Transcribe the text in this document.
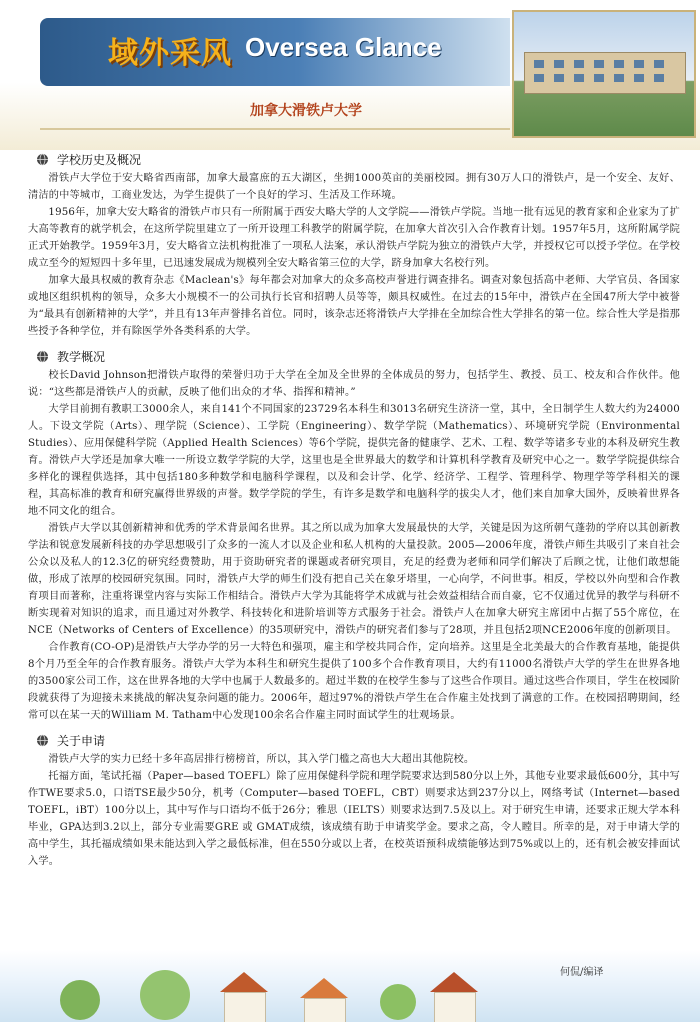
域外采风 Oversea Glance
加拿大滑铁卢大学
学校历史及概况

滑铁卢大学位于安大略省西南部，加拿大最富庶的五大湖区，坐拥1000英亩的美丽校园。拥有30万人口的滑铁卢，是一个安全、友好、清洁的中等城市，工商业发达，为学生提供了一个良好的学习、生活及工作环境。

1956年，加拿大安大略省的滑铁卢市只有一所附属于西安大略大学的人文学院——滑铁卢学院。当地一批有远见的教育家和企业家为了扩大高等教育的就学机会，在这所学院里建立了一所开设理工科教学的附属学院，在加拿大首次引入合作教育计划。1957年5月，这所附属学院正式开始教学。1959年3月，安大略省立法机构批准了一项私人法案，承认滑铁卢学院为独立的滑铁卢大学，并授权它可以授予学位。在学校成立至今的短短四十多年里，已迅速发展成为规模列全安大略省第三位的大学，跻身加拿大名校行列。

加拿大最具权威的教育杂志《Maclean's》每年都会对加拿大的众多高校声誉进行调查排名。调查对象包括高中老师、大学官员、各国家或地区组织机构的领导，众多大小规模不一的公司执行长官和招聘人员等等，颇具权威性。在过去的15年中，滑铁卢在全国47所大学中被誉为“最具有创新精神的大学”，并且有13年声誉排名首位。同时，该杂志还将滑铁卢大学排在全加综合性大学排名的第一位。综合性大学是指那些授予各种学位，并有除医学外各类科系的大学。

教学概况

校长David Johnson把滑铁卢取得的荣誉归功于大学在全加及全世界的全体成员的努力，包括学生、教授、员工、校友和合作伙伴。他说：“这些都是滑铁卢人的贡献，反映了他们出众的才华、指挥和精神。”

大学目前拥有教职工3000余人，来自141个不同国家的23729名本科生和3013名研究生济济一堂，其中，全日制学生人数大约为24000人。下设文学院（Arts）、理学院（Science）、工学院（Engineering）、数学学院（Mathematics）、环境研究学院（Environmental Studies）、应用保健科学院（Applied Health Sciences）等6个学院，提供完备的健康学、艺术、工程、数学等诸多专业的本科及研究生教育。滑铁卢大学还是加拿大唯一一所设立数学学院的大学，这里也是全世界最大的数学和计算机科学教育及研究中心之一。数学学院提供综合多样化的课程供选择，其中包括180多种数学和电脑科学课程，以及和会计学、化学、经济学、工程学、管理科学、物理学等学科相关的课程，其高标准的教育和研究赢得世界级的声誉。数学学院的学生，有许多是数学和电脑科学的拔尖人才，他们来自加拿大国外，反映着世界各地不同文化的组合。

滑铁卢大学以其创新精神和优秀的学术背景闻名世界。其之所以成为加拿大发展最快的大学，关键是因为这所朝气蓬勃的学府以其创新教学法和锐意发展新科技的办学思想吸引了众多的一流人才以及企业和私人机构的大量投款。2005—2006年度，滑铁卢师生共吸引了来自社会公众以及私人的12.3亿的研究经费赞助，用于资助研究者的课题或者研究项目，充足的经费为老师和同学们解决了后顾之忧，让他们敢想能做，形成了浓厚的校园研究氛围。同时，滑铁卢大学的师生们没有把自己关在象牙塔里，一心向学，不问世事。相反，学校以外向型和合作教育项目而著称，注重将课堂内容与实际工作相结合。滑铁卢大学为其能将学术成就与社会效益相结合而自豪，它不仅通过优异的教学与科研不断实现着对知识的追求，而且通过对外教学、科技转化和进阶培训等方式服务于社会。滑铁卢人在加拿大研究主席团中占据了55个席位，在NCE（Networks of Centers of Excellence）的35项研究中，滑铁卢的研究者们参与了28项，并且包括2项NCE2006年度的创新项目。

合作教育(CO-OP)是滑铁卢大学办学的另一大特色和强项，雇主和学校共同合作，定向培养。这里是全北美最大的合作教育基地，能提供8个月乃至全年的合作教育服务。滑铁卢大学为本科生和研究生提供了100多个合作教育项目，大约有11000名滑铁卢大学的学生在世界各地的3500家公司工作，这在世界各地的大学中也属于人数最多的。超过半数的在校学生参与了这些合作项目。通过这些合作项目，学生在校园阶段就获得了为迎接未来挑战的解决复杂问题的能力。2006年，超过97%的滑铁卢学生在合作雇主处找到了满意的工作。在校园招聘期间，经常可以在某一天的William M. Tatham中心发现100余名合作雇主同时面试学生的壮观场景。

关于申请

滑铁卢大学的实力已经十多年高居排行榜榜首，所以，其入学门槛之高也大大超出其他院校。

托福方面，笔试托福（Paper—based TOEFL）除了应用保健科学院和理学院要求达到580分以上外，其他专业要求最低600分，其中写作TWE要求5.0，口语TSE最少50分，机考（Computer—based TOEFL，CBT）则要求达到237分以上，网络考试（Internet—based TOEFL，iBT）100分以上，其中写作与口语均不低于26分；雅思（IELTS）则要求达到7.5及以上。对于研究生申请，还要求正规大学本科毕业，GPA达到3.2以上，部分专业需要GRE 或 GMAT成绩，该成绩有助于申请奖学金。要求之高，令人瞠目。所幸的是，对于申请大学的高中学生，其托福成绩如果未能达到入学之最低标准，但在550分或以上者，在校英语预科成绩能够达到75%或以上的，还有机会被安排面试入学。

何侃/编译
